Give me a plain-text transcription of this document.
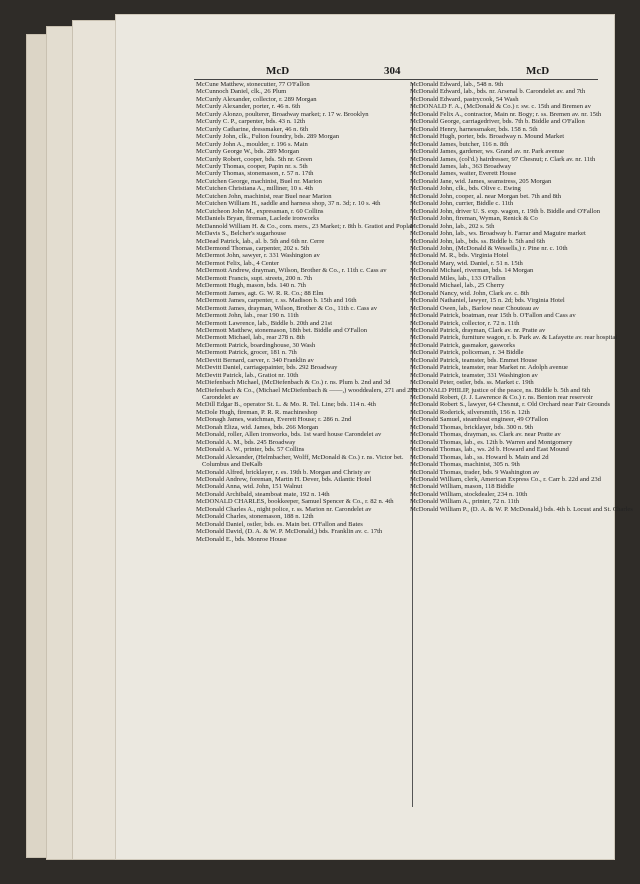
McD	304	McD
McCune Matthew, stonecutter, 77 O'Fallon
McCunnoch Daniel, clk., 26 Plum
McCurdy Alexander, collector, r. 289 Morgan
McCurdy Alexander, porter, r. 46 n. 6th
McCurdy Alonzo, poulterer, Broadway market; r. 17 w. Brooklyn
McCurdy C. P., carpenter, bds. 43 n. 12th
McCurdy Catharine, dressmaker, 46 n. 6th
McCurdy John, clk., Fulton foundry, bds. 289 Morgan
McCurdy John A., moulder, r. 196 s. Main
McCurdy George W., bds. 289 Morgan
McCurdy Robert, cooper, bds. 5th nr. Green
McCurdy Thomas, cooper, Papin nr. s. 5th
McCurdy Thomas, stonemason, r. 57 n. 17th
McCutchen George, machinist, Buel nr. Marion
McCutchen Christiana A., milliner, 10 s. 4th
McCutchen John, machinist, rear Buel near Marion
McCutchen William H., saddle and harness shop, 37 n. 3d; r. 10 s. 4th
McCutcheon John M., expressman, r. 60 Collins
McDaniels Bryan, fireman, Laclede ironworks
McDannold William H. & Co., com. mers., 23 Market; r. 8th b. Gratiot and Poplar
McDavis S., Belcher's sugarhouse
McDead Patrick, lab., al. b. 5th and 6th nr. Cerre
McDermond Thomas, carpenter, 202 s. 5th
McDermot John, sawyer, r. 331 Washington av
McDermot Felix, lab., 4 Center
McDermott Andrew, drayman, Wilson, Brother & Co., r. 11th c. Cass av
McDermott Francis, supt. streets, 200 n. 7th
McDermott Hugh, mason, bds. 140 n. 7th
McDermott James, agt. G. W. R. R. Co.; 88 Elm
McDermott James, carpenter, r. ss. Madison b. 15th and 16th
McDermott James, drayman, Wilson, Brother & Co., 11th c. Cass av
McDermott John, lab., rear 190 n. 11th
McDermott Lawrence, lab., Biddle b. 20th and 21st
McDermott Matthew, stonemason, 18th bet. Biddle and O'Fallon
McDermott Michael, lab., rear 278 n. 8th
McDermott Patrick, boardinghouse, 30 Wash
McDermott Patrick, grocer, 181 n. 7th
McDevitt Bernard, carver, r. 340 Franklin av
McDevitt Daniel, carriagepainter, bds. 292 Broadway
McDevitt Patrick, lab., Gratiot nr. 10th
McDiefenbach Michael, (McDiefenbach & Co.) r. ns. Plum b. 2nd and 3d
McDiefenbach & Co., (Michael McDiefenbach & ——,) wooddealers, 271 and 273 Carondelet av
McDill Edgar B., operator St. L. & Mo. R. Tel. Line; bds. 114 n. 4th
McDole Hugh, fireman, P. R. R. machineshop
McDonagh James, watchman, Everett House; r. 286 n. 2nd
McDonah Eliza, wid. James, bds. 266 Morgan
McDonald, roller, Allen ironworks, bds. 1st ward house Carondelet av
McDonald A. M., bds. 245 Broadway
McDonald A. W., printer, bds. 57 Collins
McDonald Alexander, (Helmbacher, Wolff, McDonald & Co.) r. ns. Victor bet. Columbus and DeKalb
McDonald Alfred, bricklayer, r. es. 19th b. Morgan and Christy av
McDonald Andrew, foreman, Martin H. Dever, bds. Atlantic Hotel
McDonald Anna, wid. John, 151 Walnut
McDonald Archibald, steamboat mate, 192 n. 14th
McDONALD CHARLES, bookkeeper, Samuel Spencer & Co., r. 82 n. 4th
McDonald Charles A., night police, r. ss. Marion nr. Carondelet av
McDonald Charles, stonemason, 188 n. 12th
McDonald Daniel, ostler, bds. es. Main bet. O'Fallon and Bates
McDonald David, (D. A. & W. P. McDonald,) bds. Franklin av. c. 17th
McDonald E., bds. Monroe House
McDonald Edward, lab., 548 n. 9th
McDonald Edward, lab., bds. nr. Arsenal b. Carondelet av. and 7th
McDonald Edward, pastrycook, 54 Wash
McDONALD F. A., (McDonald & Co.) r. sw. c. 15th and Bremen av
McDonald Felix A., contractor, Main nr. Bogy; r. ss. Bremen av. nr. 15th
McDonald George, carriagedriver, bds. 7th b. Biddle and O'Fallon
McDonald Henry, harnessmaker, bds. 158 n. 5th
McDonald Hugh, porter, bds. Broadway n. Mound Market
McDonald James, butcher, 116 n. 8th
McDonald James, gardener, ws. Grand av. nr. Park avenue
McDonald James, (col'd.) hairdresser, 97 Chesnut; r. Clark av. nr. 11th
McDonald James, lab., 363 Broadway
McDonald James, waiter, Everett House
McDonald Jane, wid. James, seamstress, 205 Morgan
McDonald John, clk., bds. Olive c. Ewing
McDonald John, cooper, al. near Morgan bet. 7th and 8th
McDonald John, currier, Biddle c. 11th
McDonald John, driver U. S. exp. wagon, r. 19th b. Biddle and O'Fallon
McDonald John, fireman, Wyman, Renick & Co
McDonald John, lab., 202 s. 5th
McDonald John, lab., ws. Broadway b. Farrar and Maguire market
McDonald John, lab., bds. ss. Biddle b. 5th and 6th
McDonald John, (McDonald & Wessells,) r. Pine nr. c. 10th
McDonald M. R., bds. Virginia Hotel
McDonald Mary, wid. Daniel, r. 51 n. 15th
McDonald Michael, riverman, bds. 14 Morgan
McDonald Miles, lab., 133 O'Fallon
McDonald Michael, lab., 25 Cherry
McDonald Nancy, wid. John, Clark av. c. 8th
McDonald Nathaniel, lawyer, 15 n. 2d; bds. Virginia Hotel
McDonald Owen, lab., Barlow near Chouteau av
McDonald Patrick, boatman, rear 15th b. O'Fallon and Cass av
McDonald Patrick, collector, r. 72 n. 11th
McDonald Patrick, drayman, Clark av. nr. Pratte av
McDonald Patrick, furniture wagon, r. b. Park av. & Lafayette av. rear hospital
McDonald Patrick, gasmaker, gasworks
McDonald Patrick, policeman, r. 34 Biddle
McDonald Patrick, teamster, bds. Emmet House
McDonald Patrick, teamster, rear Market nr. Adolph avenue
McDonald Patrick, teamster, 331 Washington av
McDonald Peter, ostler, bds. ss. Market c. 19th
McDONALD PHILIP, justice of the peace, ns. Biddle b. 5th and 6th
McDonald Robert, (J. J. Lawrence & Co.) r. ns. Benton rear reservoir
McDonald Robert S., lawyer, 64 Chesnut, r. Old Orchard near Fair Grounds
McDonald Roderick, silversmith, 156 n. 12th
McDonald Samuel, steamboat engineer, 49 O'Fallon
McDonald Thomas, bricklayer, bds. 300 n. 9th
McDonald Thomas, drayman, ss. Clark av. near Pratte av
McDonald Thomas, lab., es. 12th b. Warren and Montgomery
McDonald Thomas, lab., ws. 2d b. Howard and East Mound
McDonald Thomas, lab., ss. Howard b. Main and 2d
McDonald Thomas, machinist, 305 n. 9th
McDonald Thomas, trader, bds. 9 Washington av
McDonald William, clerk, American Express Co., r. Carr b. 22d and 23d
McDonald William, mason, 118 Biddle
McDonald William, stockdealer, 234 n. 10th
McDonald William A., printer, 72 n. 11th
McDonald William P., (D. A. & W. P. McDonald,) bds. 4th b. Locust and St. Charles
